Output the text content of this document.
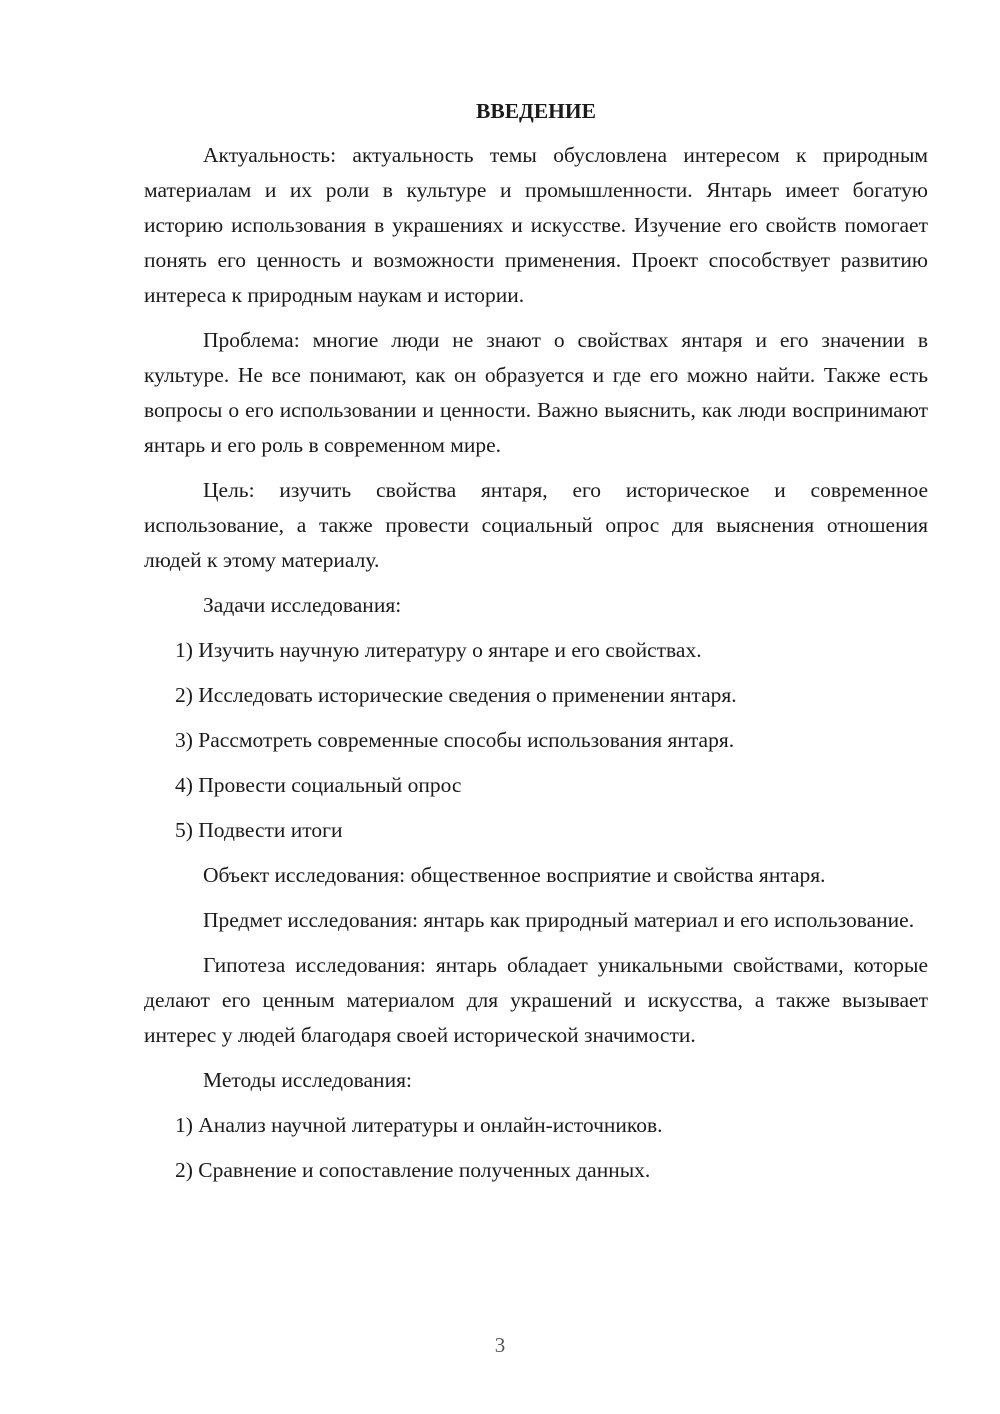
ВВЕДЕНИЕ

Актуальность: актуальность темы обусловлена интересом к природным материалам и их роли в культуре и промышленности. Янтарь имеет богатую историю использования в украшениях и искусстве. Изучение его свойств помогает понять его ценность и возможности применения. Проект способствует развитию интереса к природным наукам и истории.

Проблема: многие люди не знают о свойствах янтаря и его значении в культуре. Не все понимают, как он образуется и где его можно найти. Также есть вопросы о его использовании и ценности. Важно выяснить, как люди воспринимают янтарь и его роль в современном мире.

Цель: изучить свойства янтаря, его историческое и современное использование, а также провести социальный опрос для выяснения отношения людей к этому материалу.

Задачи исследования:

1) Изучить научную литературу о янтаре и его свойствах.
2) Исследовать исторические сведения о применении янтаря.
3) Рассмотреть современные способы использования янтаря.
4) Провести социальный опрос
5) Подвести итоги

Объект исследования: общественное восприятие и свойства янтаря.

Предмет исследования: янтарь как природный материал и его использование.

Гипотеза исследования: янтарь обладает уникальными свойствами, которые делают его ценным материалом для украшений и искусства, а также вызывает интерес у людей благодаря своей исторической значимости.

Методы исследования:

1) Анализ научной литературы и онлайн-источников.
2) Сравнение и сопоставление полученных данных.
3
